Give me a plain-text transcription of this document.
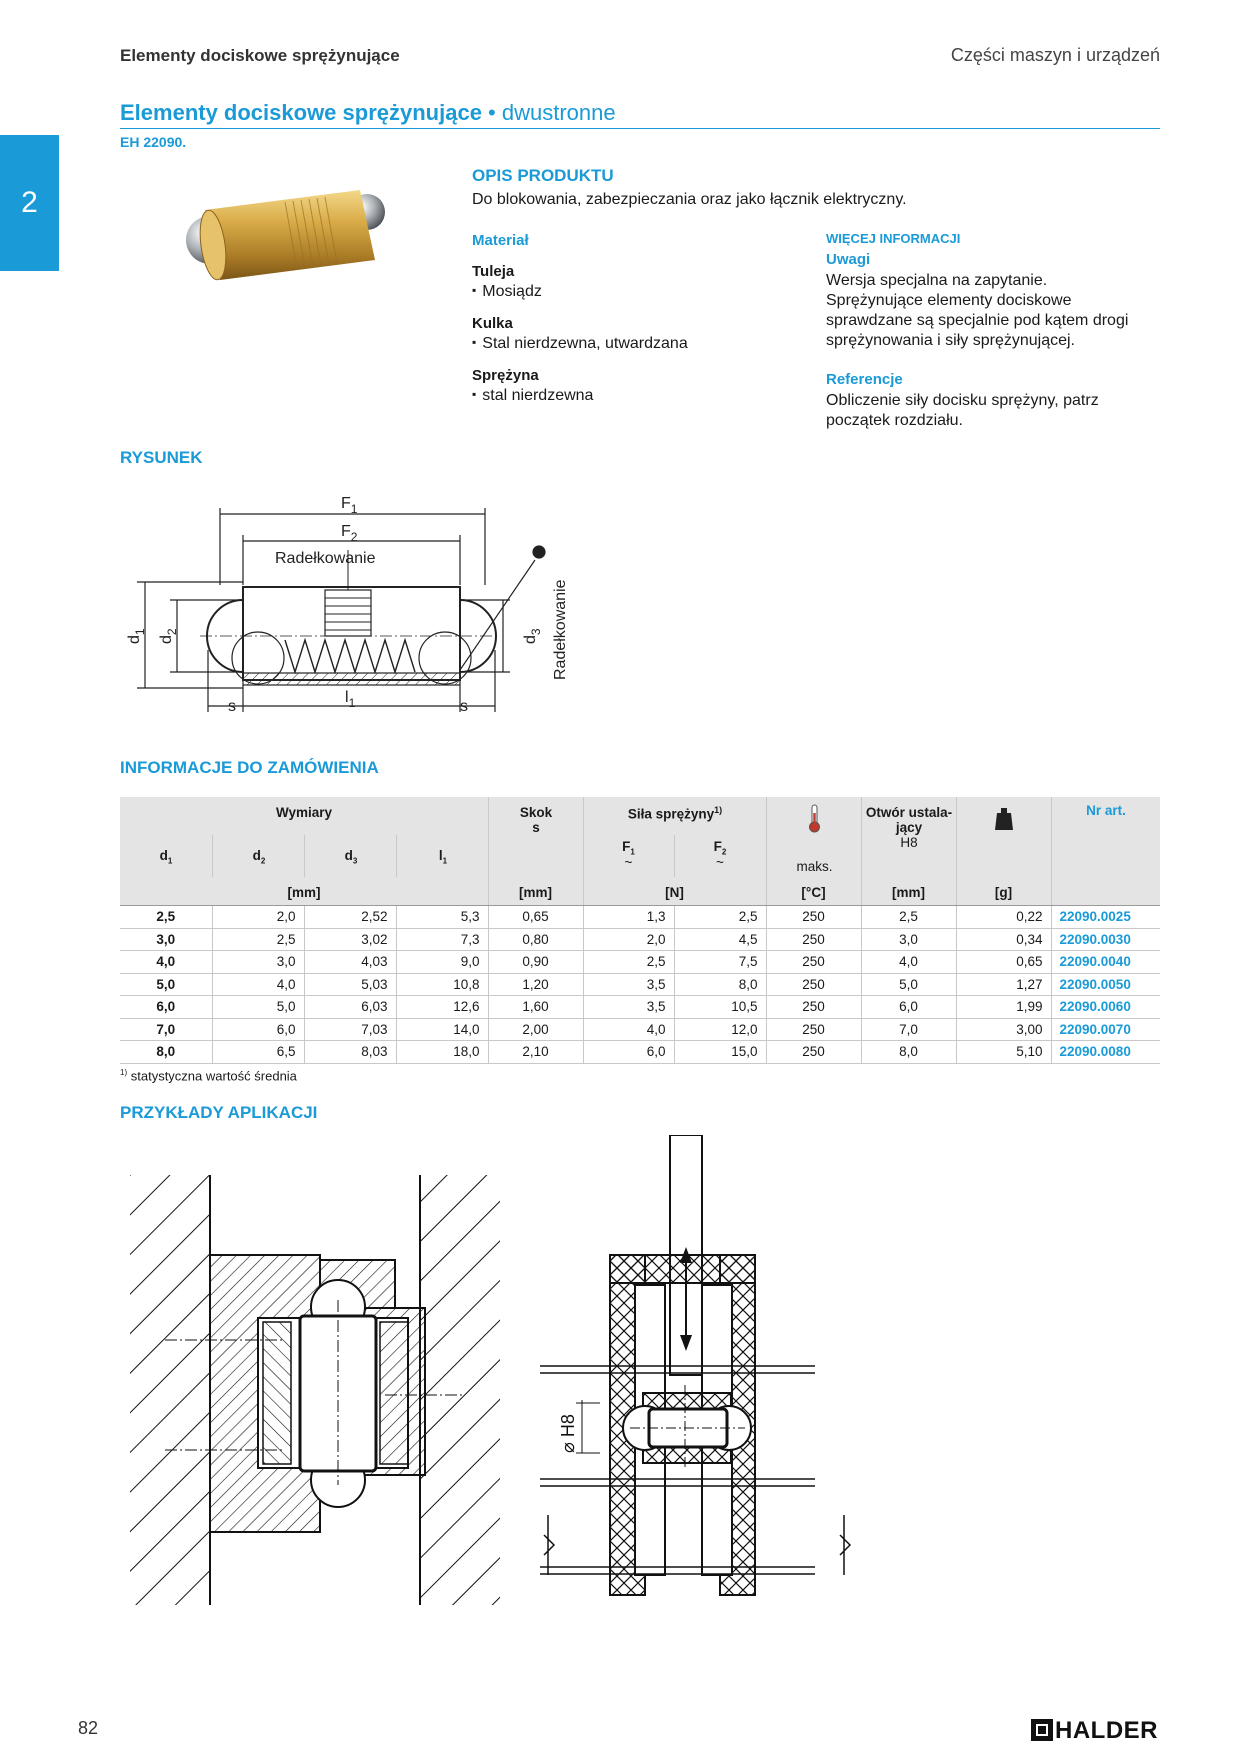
Elementy dociskowe sprężynujące	Części maszyn i urządzeń
2
Elementy dociskowe sprężynujące • dwustronne
EH 22090.
OPIS PRODUKTU
Do blokowania, zabezpieczania oraz jako łącznik elektryczny.
Materiał
Tuleja
▪ Mosiądz
Kulka
▪ Stal nierdzewna, utwardzana
Sprężyna
▪ stal nierdzewna
WIĘCEJ INFORMACJI
Uwagi
Wersja specjalna na zapytanie.
Sprężynujące elementy dociskowe
sprawdzane są specjalnie pod kątem drogi
sprężynowania i siły sprężynującej.
Referencje
Obliczenie siły docisku sprężyny, patrz
początek rozdziału.
RYSUNEK
$F_1$
$F_2$
Radełkowanie
Radełkowanie
$d_1$
$d_2$
$d_3$
s	s
$l_1$
INFORMACJE DO ZAMÓWIENIA
Wymiary	Skok
s
Siła sprężyny$^{1)}$
maks.
Otwór ustala-
jący
H8
Nr art.
$d_1$	$d_2$	$d_3$	$l_1$
$F_1$
~
$F_2$
~
[mm]	[mm]	[N]	[°C]	[mm]	[g]
2,5	2,0	2,52	5,3	0,65	1,3	2,5	250	2,5	0,22	22090.0025
3,0	2,5	3,02	7,3	0,80	2,0	4,5	250	3,0	0,34	22090.0030
4,0	3,0	4,03	9,0	0,90	2,5	7,5	250	4,0	0,65	22090.0040
5,0	4,0	5,03	10,8	1,20	3,5	8,0	250	5,0	1,27	22090.0050
6,0	5,0	6,03	12,6	1,60	3,5	10,5	250	6,0	1,99	22090.0060
7,0	6,0	7,03	14,0	2,00	4,0	12,0	250	7,0	3,00	22090.0070
8,0	6,5	8,03	18,0	2,10	6,0	15,0	250	8,0	5,10	22090.0080
$^{1)}$ statystyczna wartość średnia
PRZYKŁADY APLIKACJI
⌀ H8
82	HALDER
